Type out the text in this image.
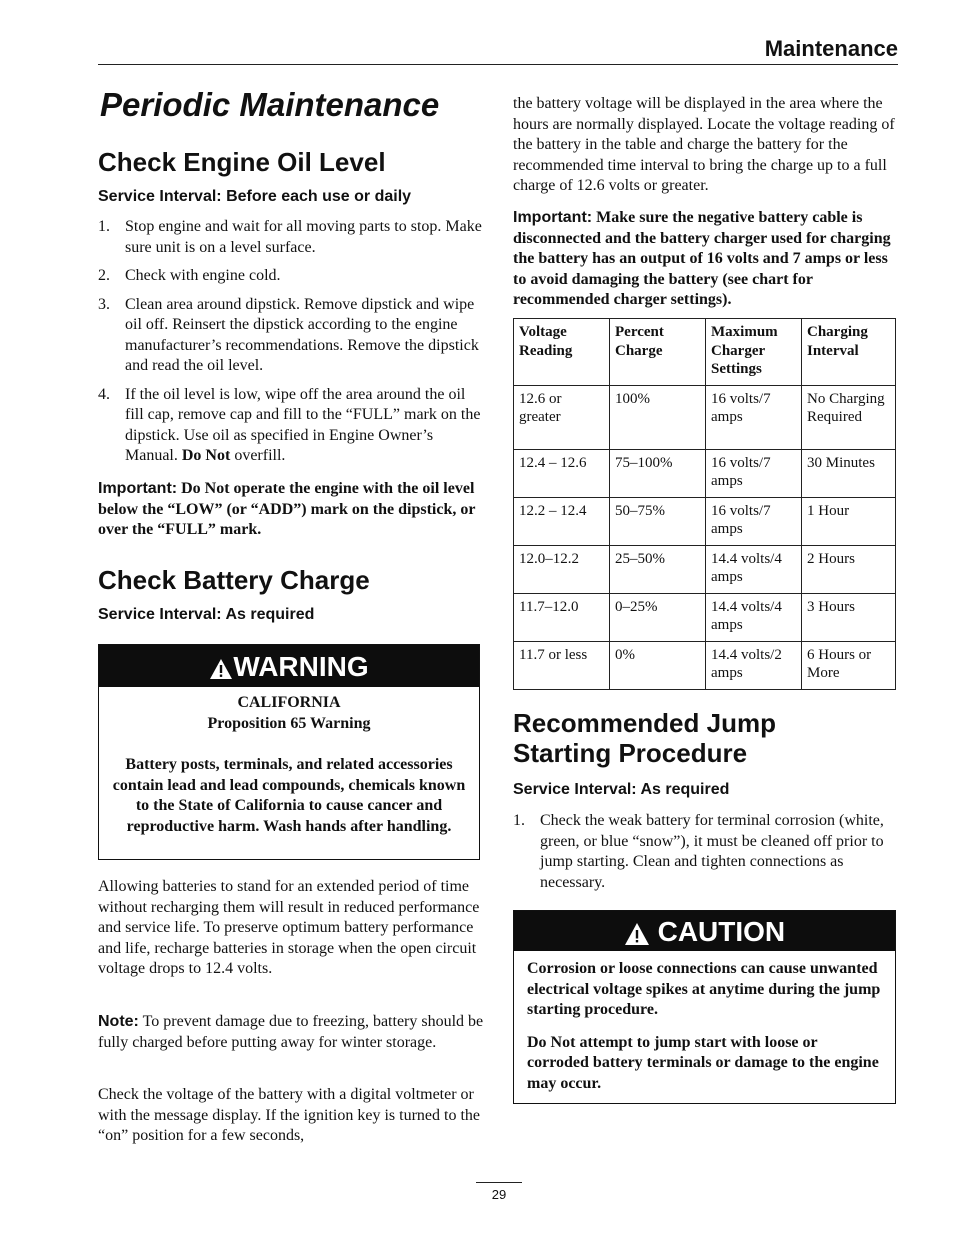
Maintenance
Periodic Maintenance
Check Engine Oil Level

Service Interval: Before each use or daily

1. Stop engine and wait for all moving parts to stop. Make sure unit is on a level surface.
2. Check with engine cold.
3. Clean area around dipstick. Remove dipstick and wipe oil off. Reinsert the dipstick according to the engine manufacturer’s recommendations. Remove the dipstick and read the oil level.
4. If the oil level is low, wipe off the area around the oil fill cap, remove cap and fill to the “FULL” mark on the dipstick. Use oil as specified in Engine Owner’s Manual. Do Not overfill.

Important: Do Not operate the engine with the oil level below the “LOW” (or “ADD”) mark on the dipstick, or over the “FULL” mark.

Check Battery Charge

Service Interval: As required

WARNING
CALIFORNIA
Proposition 65 Warning
Battery posts, terminals, and related accessories contain lead and lead compounds, chemicals known to the State of California to cause cancer and reproductive harm. Wash hands after handling.

Allowing batteries to stand for an extended period of time without recharging them will result in reduced performance and service life. To preserve optimum battery performance and life, recharge batteries in storage when the open circuit voltage drops to 12.4 volts.

Note: To prevent damage due to freezing, battery should be fully charged before putting away for winter storage.

Check the voltage of the battery with a digital voltmeter or with the message display. If the ignition key is turned to the “on” position for a few seconds,

the battery voltage will be displayed in the area where the hours are normally displayed. Locate the voltage reading of the battery in the table and charge the battery for the recommended time interval to bring the charge up to a full charge of 12.6 volts or greater.

Important: Make sure the negative battery cable is disconnected and the battery charger used for charging the battery has an output of 16 volts and 7 amps or less to avoid damaging the battery (see chart for recommended charger settings).

Voltage Reading	Percent Charge	Maximum Charger Settings	Charging Interval
12.6 or greater	100%	16 volts/7 amps	No Charging Required
12.4 – 12.6	75–100%	16 volts/7 amps	30 Minutes
12.2 – 12.4	50–75%	16 volts/7 amps	1 Hour
12.0–12.2	25–50%	14.4 volts/4 amps	2 Hours
11.7–12.0	0–25%	14.4 volts/4 amps	3 Hours
11.7 or less	0%	14.4 volts/2 amps	6 Hours or More
Recommended Jump
Starting Procedure

Service Interval: As required

1. Check the weak battery for terminal corrosion (white, green, or blue “snow”), it must be cleaned off prior to jump starting. Clean and tighten connections as necessary.
CAUTION

Corrosion or loose connections can cause unwanted electrical voltage spikes at anytime during the jump starting procedure.

Do Not attempt to jump start with loose or corroded battery terminals or damage to the engine may occur.

29
